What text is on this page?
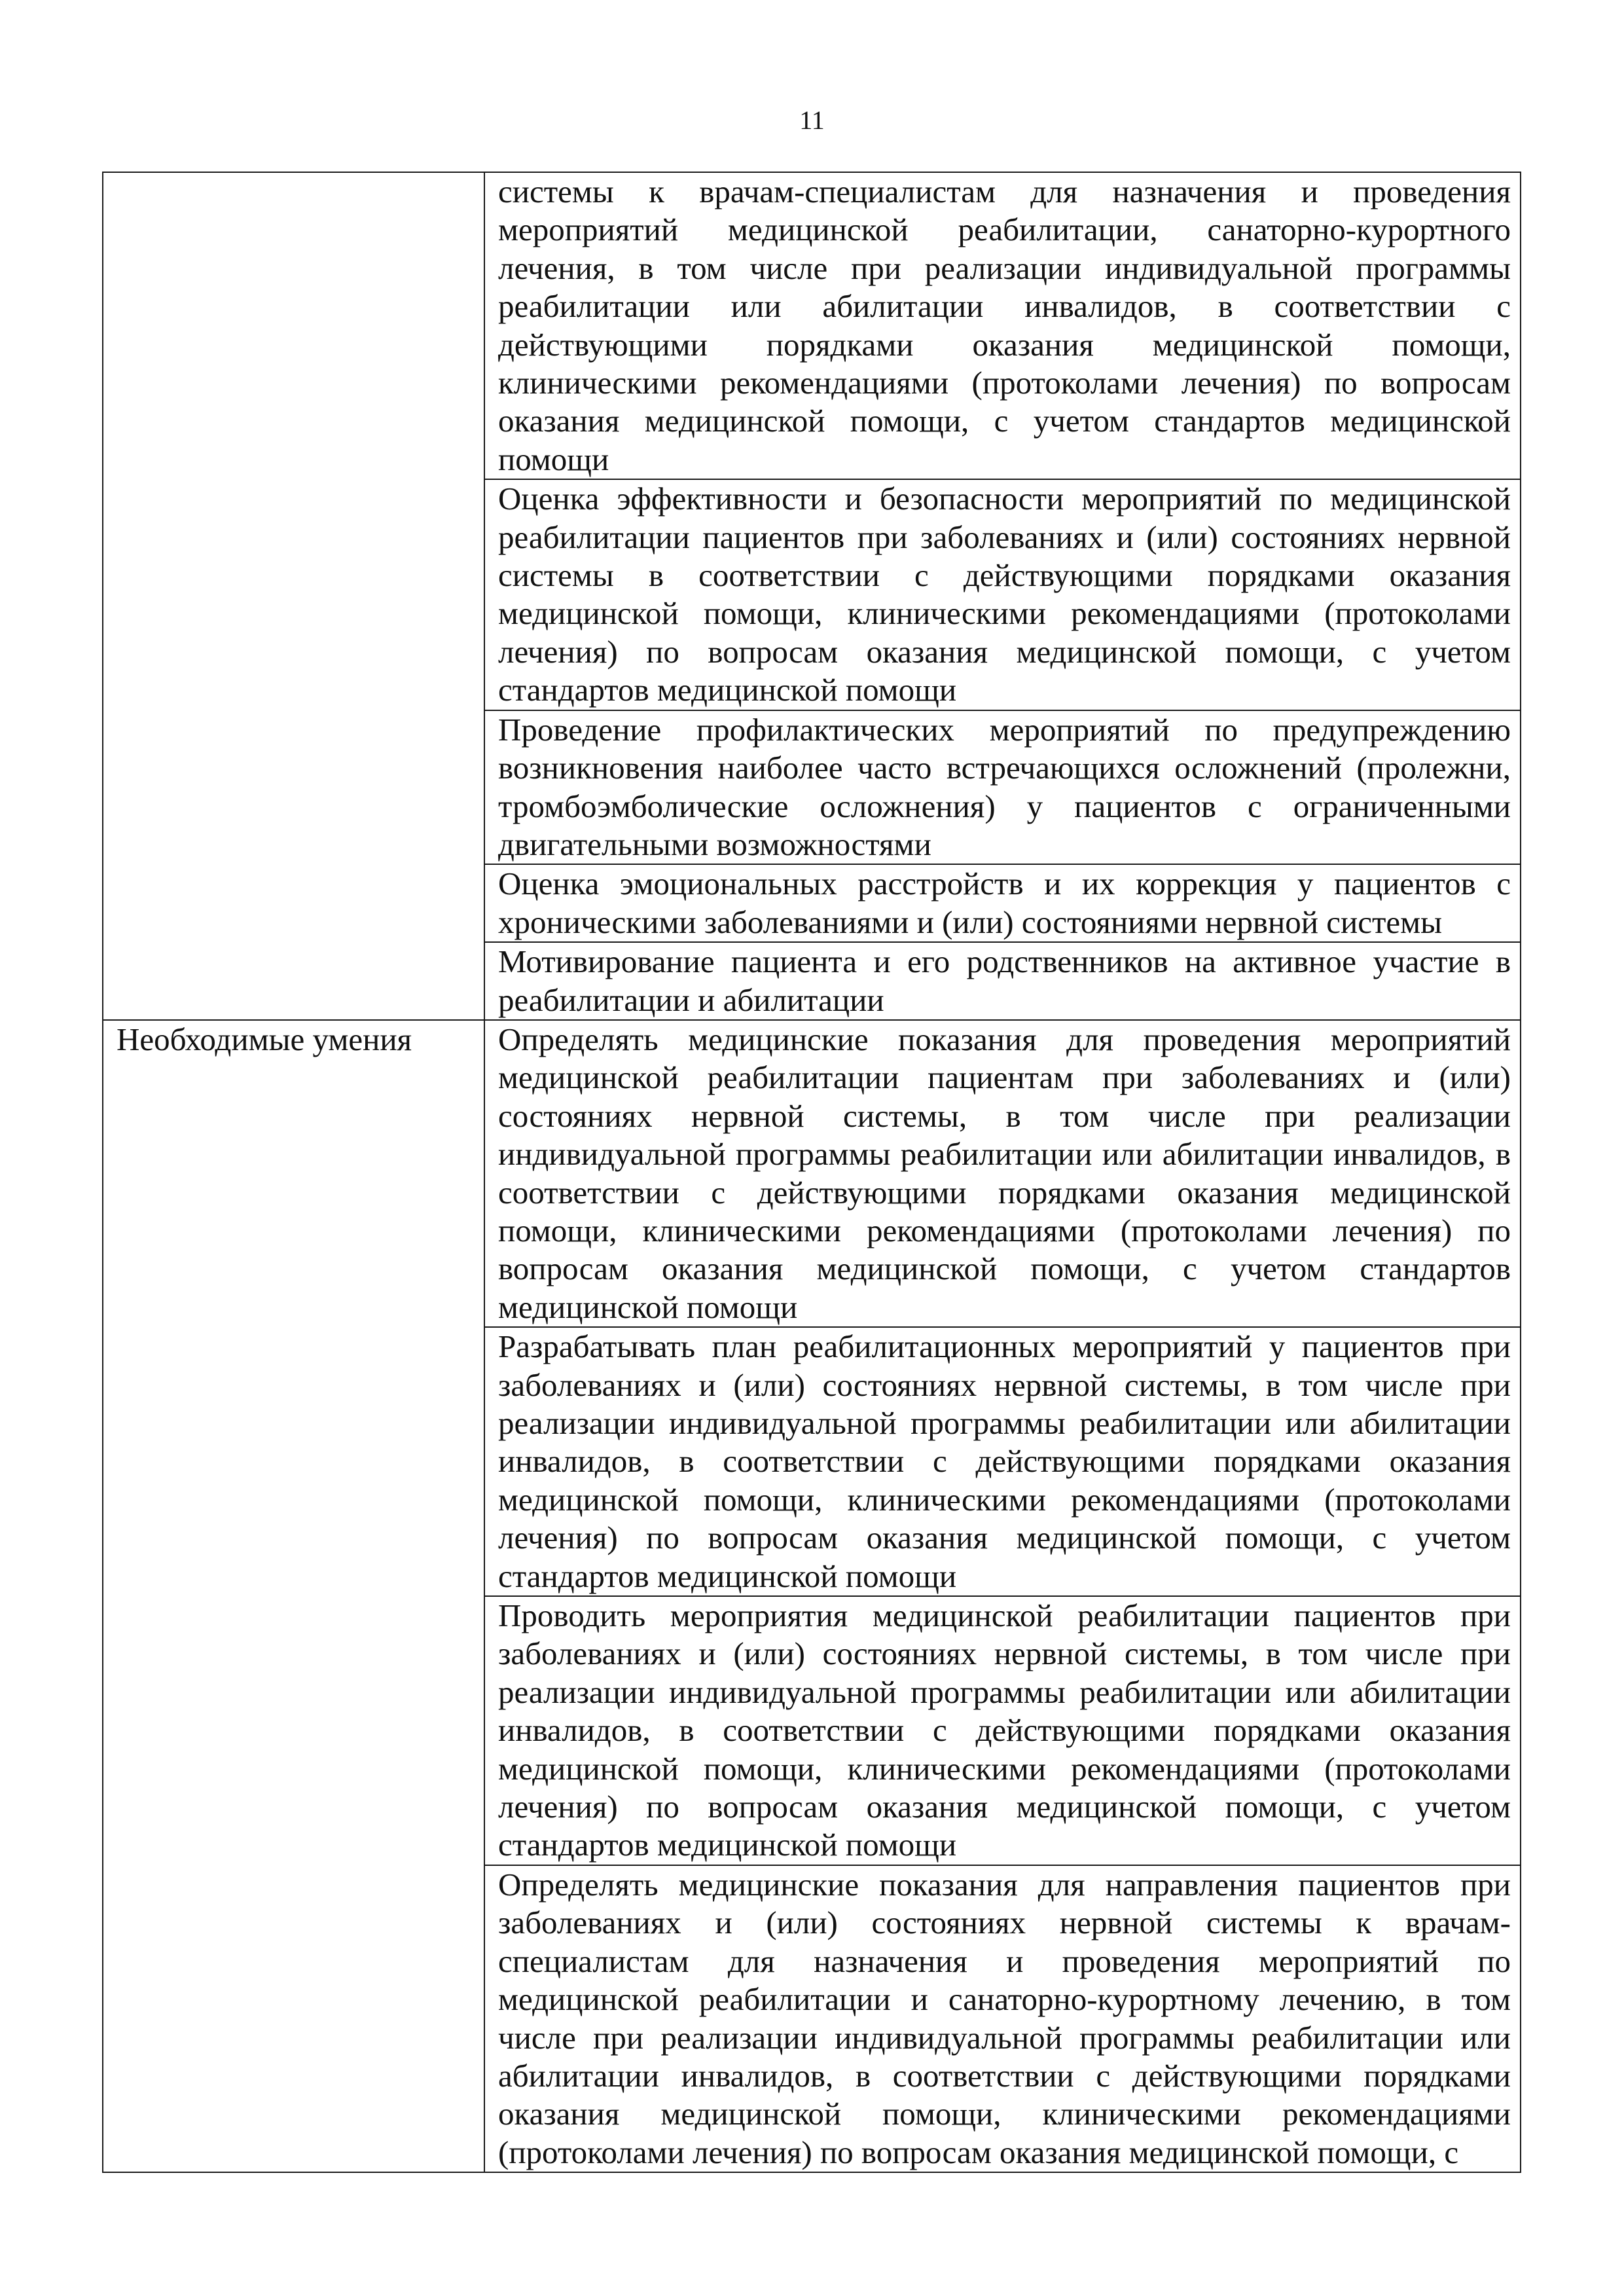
11

	системы к врачам-специалистам для назначения и проведения мероприятий медицинской реабилитации, санаторно-курортного лечения, в том числе при реализации индивидуальной программы реабилитации или абилитации инвалидов, в соответствии с действующими порядками оказания медицинской помощи, клиническими рекомендациями (протоколами лечения) по вопросам оказания медицинской помощи, с учетом стандартов медицинской помощи

	Оценка эффективности и безопасности мероприятий по медицинской реабилитации пациентов при заболеваниях и (или) состояниях нервной системы в соответствии с действующими порядками оказания медицинской помощи, клиническими рекомендациями (протоколами лечения) по вопросам оказания медицинской помощи, с учетом стандартов медицинской помощи

	Проведение профилактических мероприятий по предупреждению возникновения наиболее часто встречающихся осложнений (пролежни, тромбоэмболические осложнения) у пациентов с ограниченными двигательными возможностями

	Оценка эмоциональных расстройств и их коррекция у пациентов с хроническими заболеваниями и (или) состояниями нервной системы

	Мотивирование пациента и его родственников на активное участие в реабилитации и абилитации

Необходимые умения	Определять медицинские показания для проведения мероприятий медицинской реабилитации пациентам при заболеваниях и (или) состояниях нервной системы, в том числе при реализации индивидуальной программы реабилитации или абилитации инвалидов, в соответствии с действующими порядками оказания медицинской помощи, клиническими рекомендациями (протоколами лечения) по вопросам оказания медицинской помощи, с учетом стандартов медицинской помощи

	Разрабатывать план реабилитационных мероприятий у пациентов при заболеваниях и (или) состояниях нервной системы, в том числе при реализации индивидуальной программы реабилитации или абилитации инвалидов, в соответствии с действующими порядками оказания медицинской помощи, клиническими рекомендациями (протоколами лечения) по вопросам оказания медицинской помощи, с учетом стандартов медицинской помощи

	Проводить мероприятия медицинской реабилитации пациентов при заболеваниях и (или) состояниях нервной системы, в том числе при реализации индивидуальной программы реабилитации или абилитации инвалидов, в соответствии с действующими порядками оказания медицинской помощи, клиническими рекомендациями (протоколами лечения) по вопросам оказания медицинской помощи, с учетом стандартов медицинской помощи

	Определять медицинские показания для направления пациентов при заболеваниях и (или) состояниях нервной системы к врачам-специалистам для назначения и проведения мероприятий по медицинской реабилитации и санаторно-курортному лечению, в том числе при реализации индивидуальной программы реабилитации или абилитации инвалидов, в соответствии с действующими порядками оказания медицинской помощи, клиническими рекомендациями (протоколами лечения) по вопросам оказания медицинской помощи, с
